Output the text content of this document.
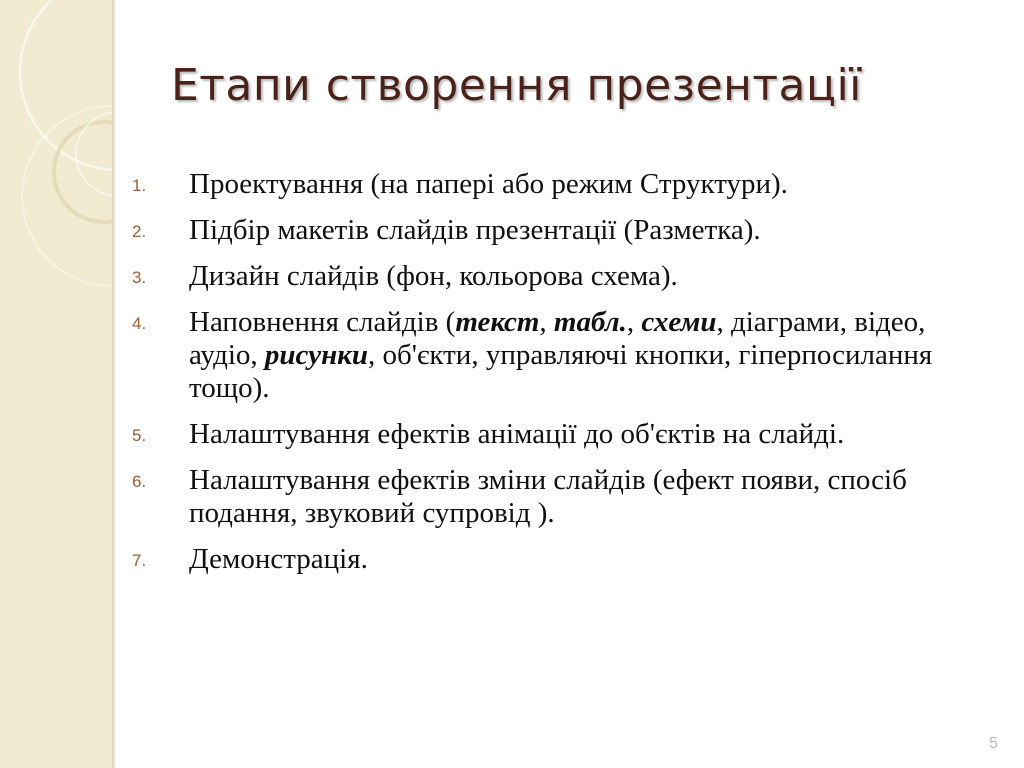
Етапи створення презентації
1. Проектування (на папері або режим Структури).
2. Підбір макетів слайдів презентації (Разметка).
3. Дизайн слайдів (фон, кольорова схема).
4. Наповнення слайдів (текст, табл., схеми, діаграми, відео, аудіо, рисунки, об'єкти, управляючі кнопки, гіперпосилання тощо).
5. Налаштування ефектів анімації до об'єктів на слайді.
6. Налаштування ефектів зміни слайдів (ефект появи, спосіб подання, звуковий супровід ).
7. Демонстрація.
5
